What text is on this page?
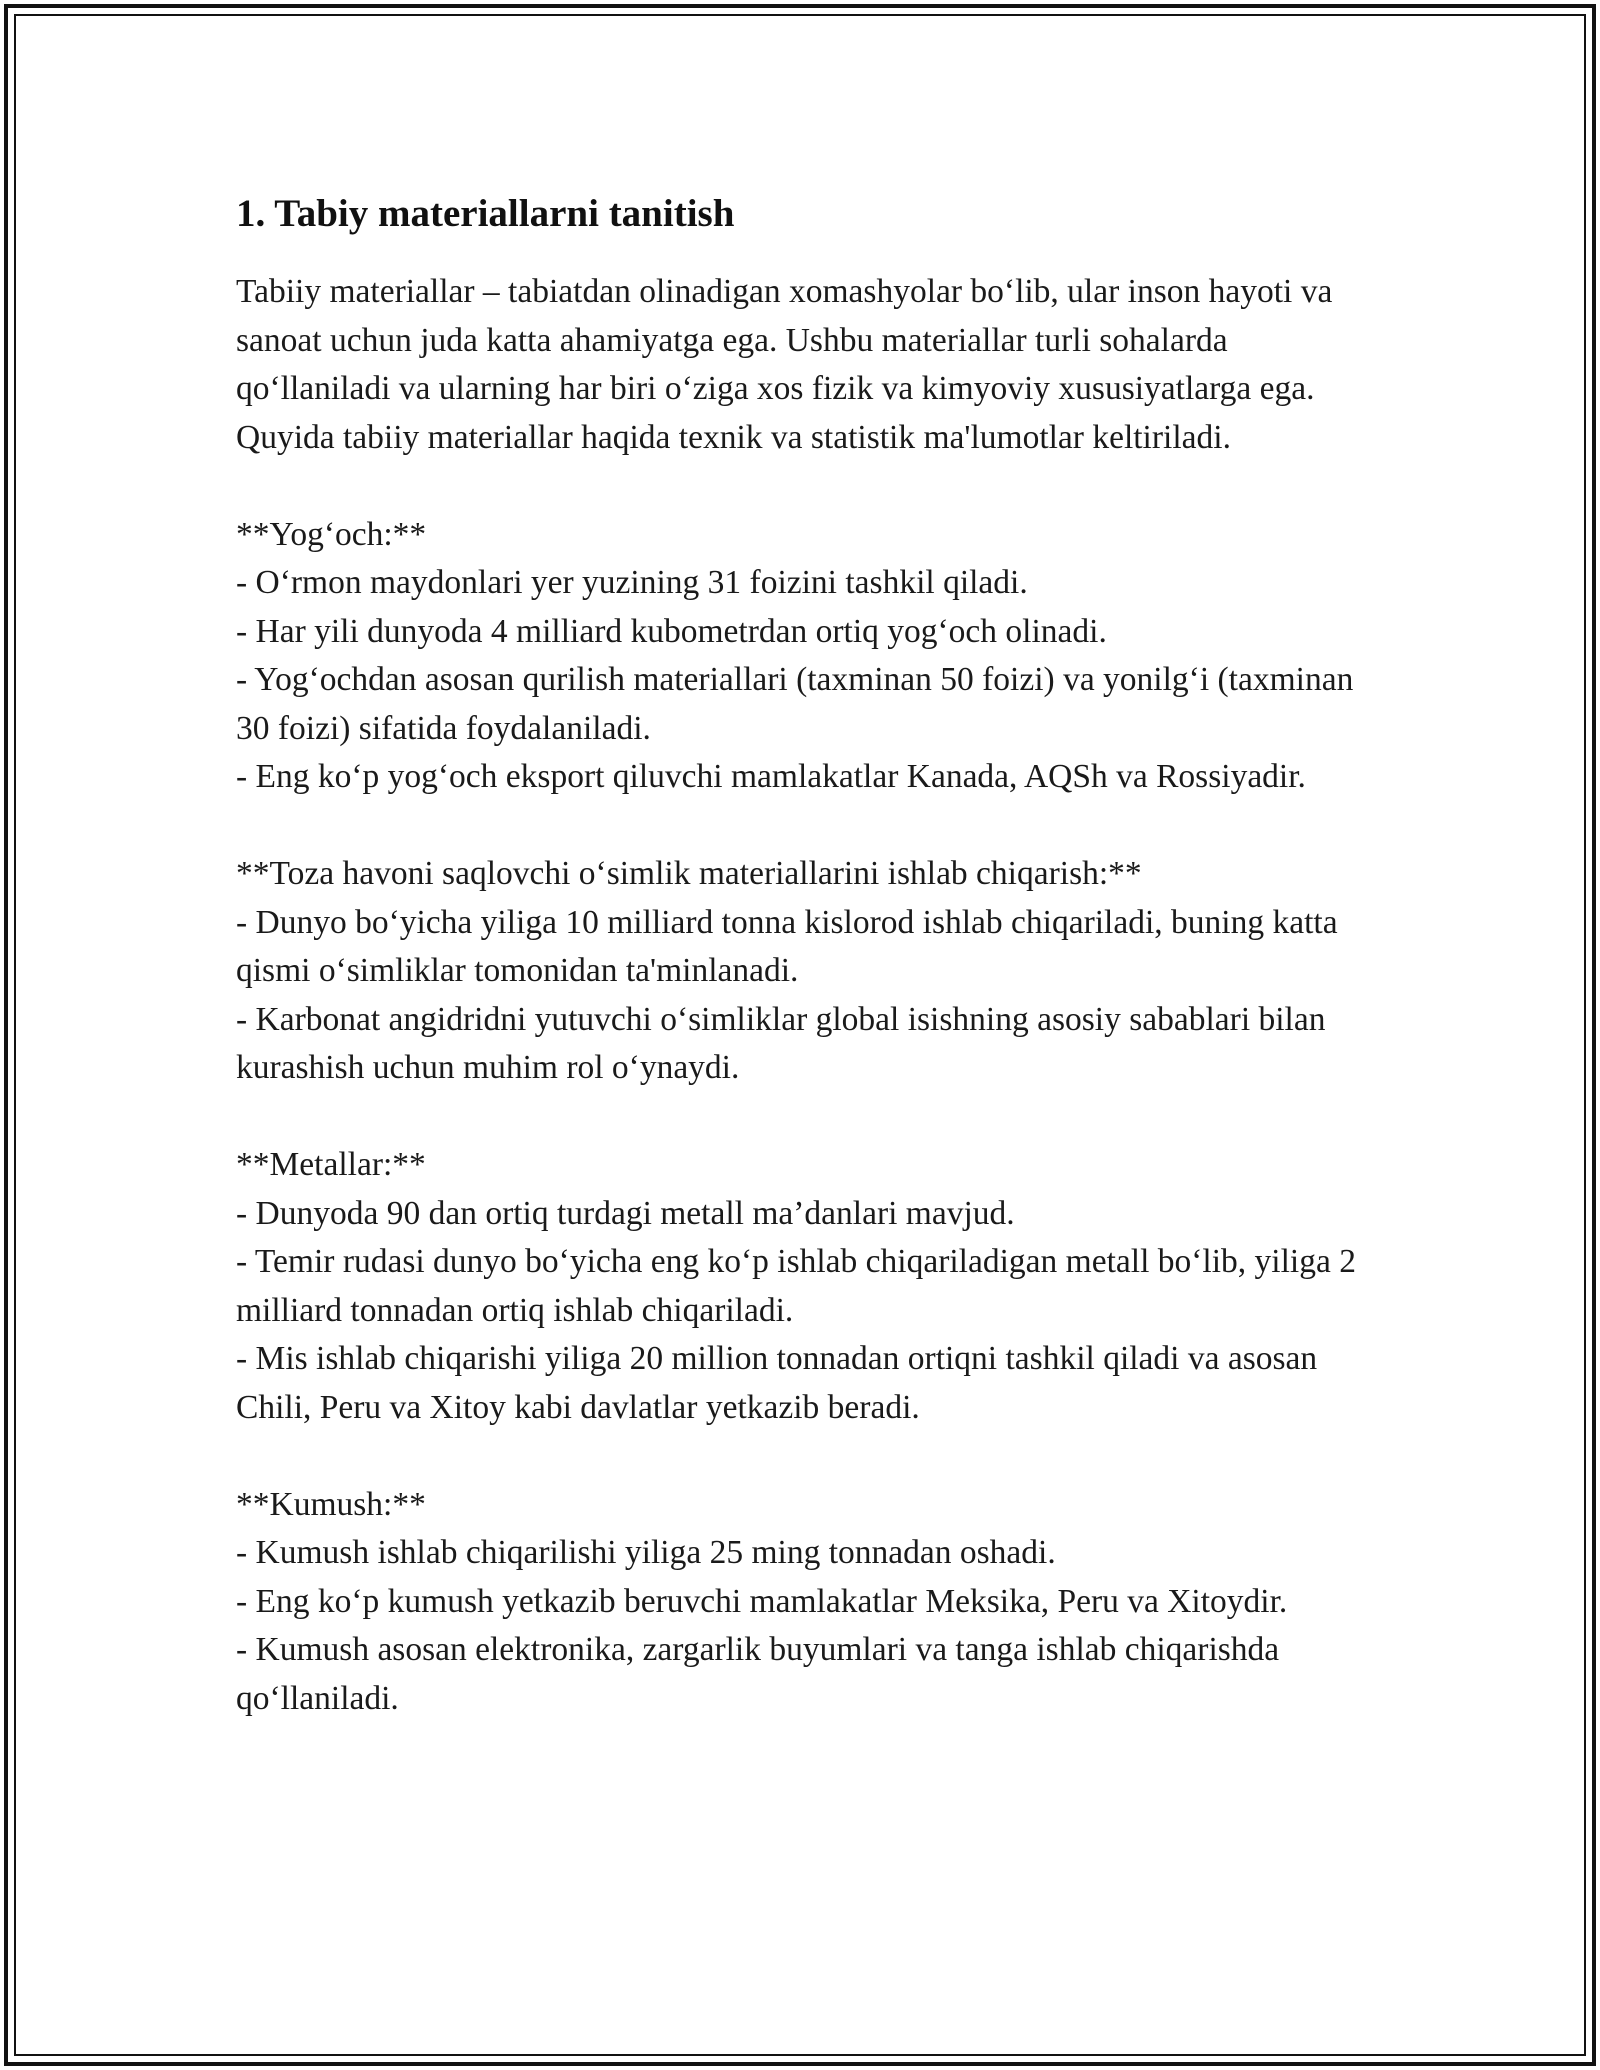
1. Tabiy materiallarni tanitish

Tabiiy materiallar – tabiatdan olinadigan xomashyolar bo‘lib, ular inson hayoti va sanoat uchun juda katta ahamiyatga ega. Ushbu materiallar turli sohalarda qo‘llaniladi va ularning har biri o‘ziga xos fizik va kimyoviy xususiyatlarga ega. Quyida tabiiy materiallar haqida texnik va statistik ma'lumotlar keltiriladi.

**Yog‘och:**
- O‘rmon maydonlari yer yuzining 31 foizini tashkil qiladi.
- Har yili dunyoda 4 milliard kubometrdan ortiq yog‘och olinadi.
- Yog‘ochdan asosan qurilish materiallari (taxminan 50 foizi) va yonilg‘i (taxminan 30 foizi) sifatida foydalaniladi.
- Eng ko‘p yog‘och eksport qiluvchi mamlakatlar Kanada, AQSh va Rossiyadir.
**Toza havoni saqlovchi o‘simlik materiallarini ishlab chiqarish:**
- Dunyo bo‘yicha yiliga 10 milliard tonna kislorod ishlab chiqariladi, buning katta qismi o‘simliklar tomonidan ta'minlanadi.
- Karbonat angidridni yutuvchi o‘simliklar global isishning asosiy sabablari bilan kurashish uchun muhim rol o‘ynaydi.
**Metallar:**
- Dunyoda 90 dan ortiq turdagi metall ma’danlari mavjud.
- Temir rudasi dunyo bo‘yicha eng ko‘p ishlab chiqariladigan metall bo‘lib, yiliga 2 milliard tonnadan ortiq ishlab chiqariladi.
- Mis ishlab chiqarishi yiliga 20 million tonnadan ortiqni tashkil qiladi va asosan Chili, Peru va Xitoy kabi davlatlar yetkazib beradi.
**Kumush:**
- Kumush ishlab chiqarilishi yiliga 25 ming tonnadan oshadi.
- Eng ko‘p kumush yetkazib beruvchi mamlakatlar Meksika, Peru va Xitoydir.
- Kumush asosan elektronika, zargarlik buyumlari va tanga ishlab chiqarishda qo‘llaniladi.
